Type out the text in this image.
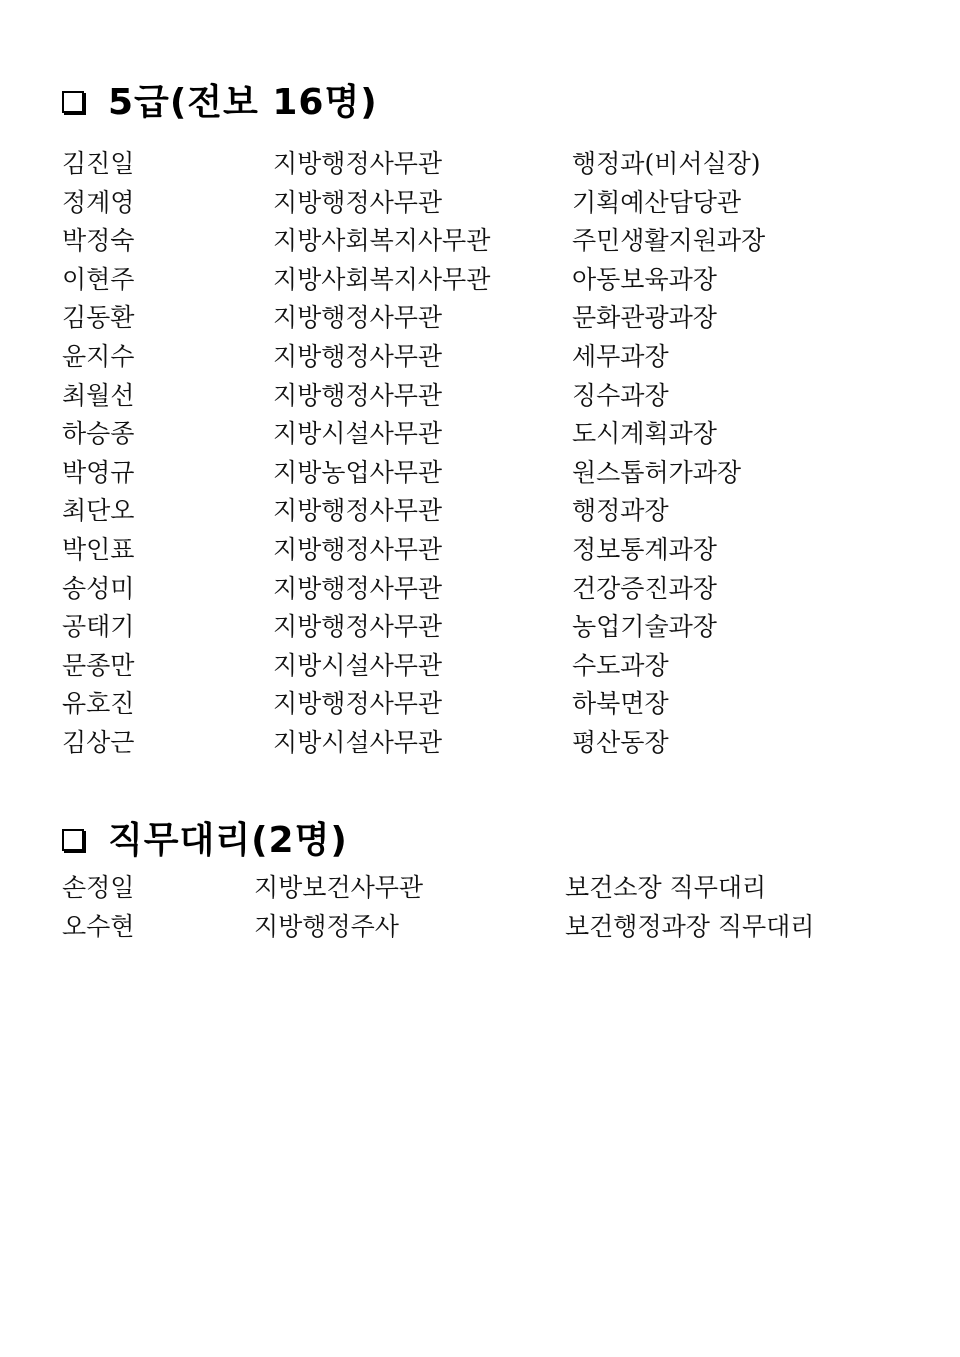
5급(전보 16명)
김진일	지방행정사무관	행정과(비서실장)
정계영	지방행정사무관	기획예산담당관
박정숙	지방사회복지사무관	주민생활지원과장
이현주	지방사회복지사무관	아동보육과장
김동환	지방행정사무관	문화관광과장
윤지수	지방행정사무관	세무과장
최월선	지방행정사무관	징수과장
하승종	지방시설사무관	도시계획과장
박영규	지방농업사무관	원스톱허가과장
최단오	지방행정사무관	행정과장
박인표	지방행정사무관	정보통계과장
송성미	지방행정사무관	건강증진과장
공태기	지방행정사무관	농업기술과장
문종만	지방시설사무관	수도과장
유호진	지방행정사무관	하북면장
김상근	지방시설사무관	평산동장
직무대리(2명)
손정일	지방보건사무관	보건소장 직무대리
오수현	지방행정주사	보건행정과장 직무대리
